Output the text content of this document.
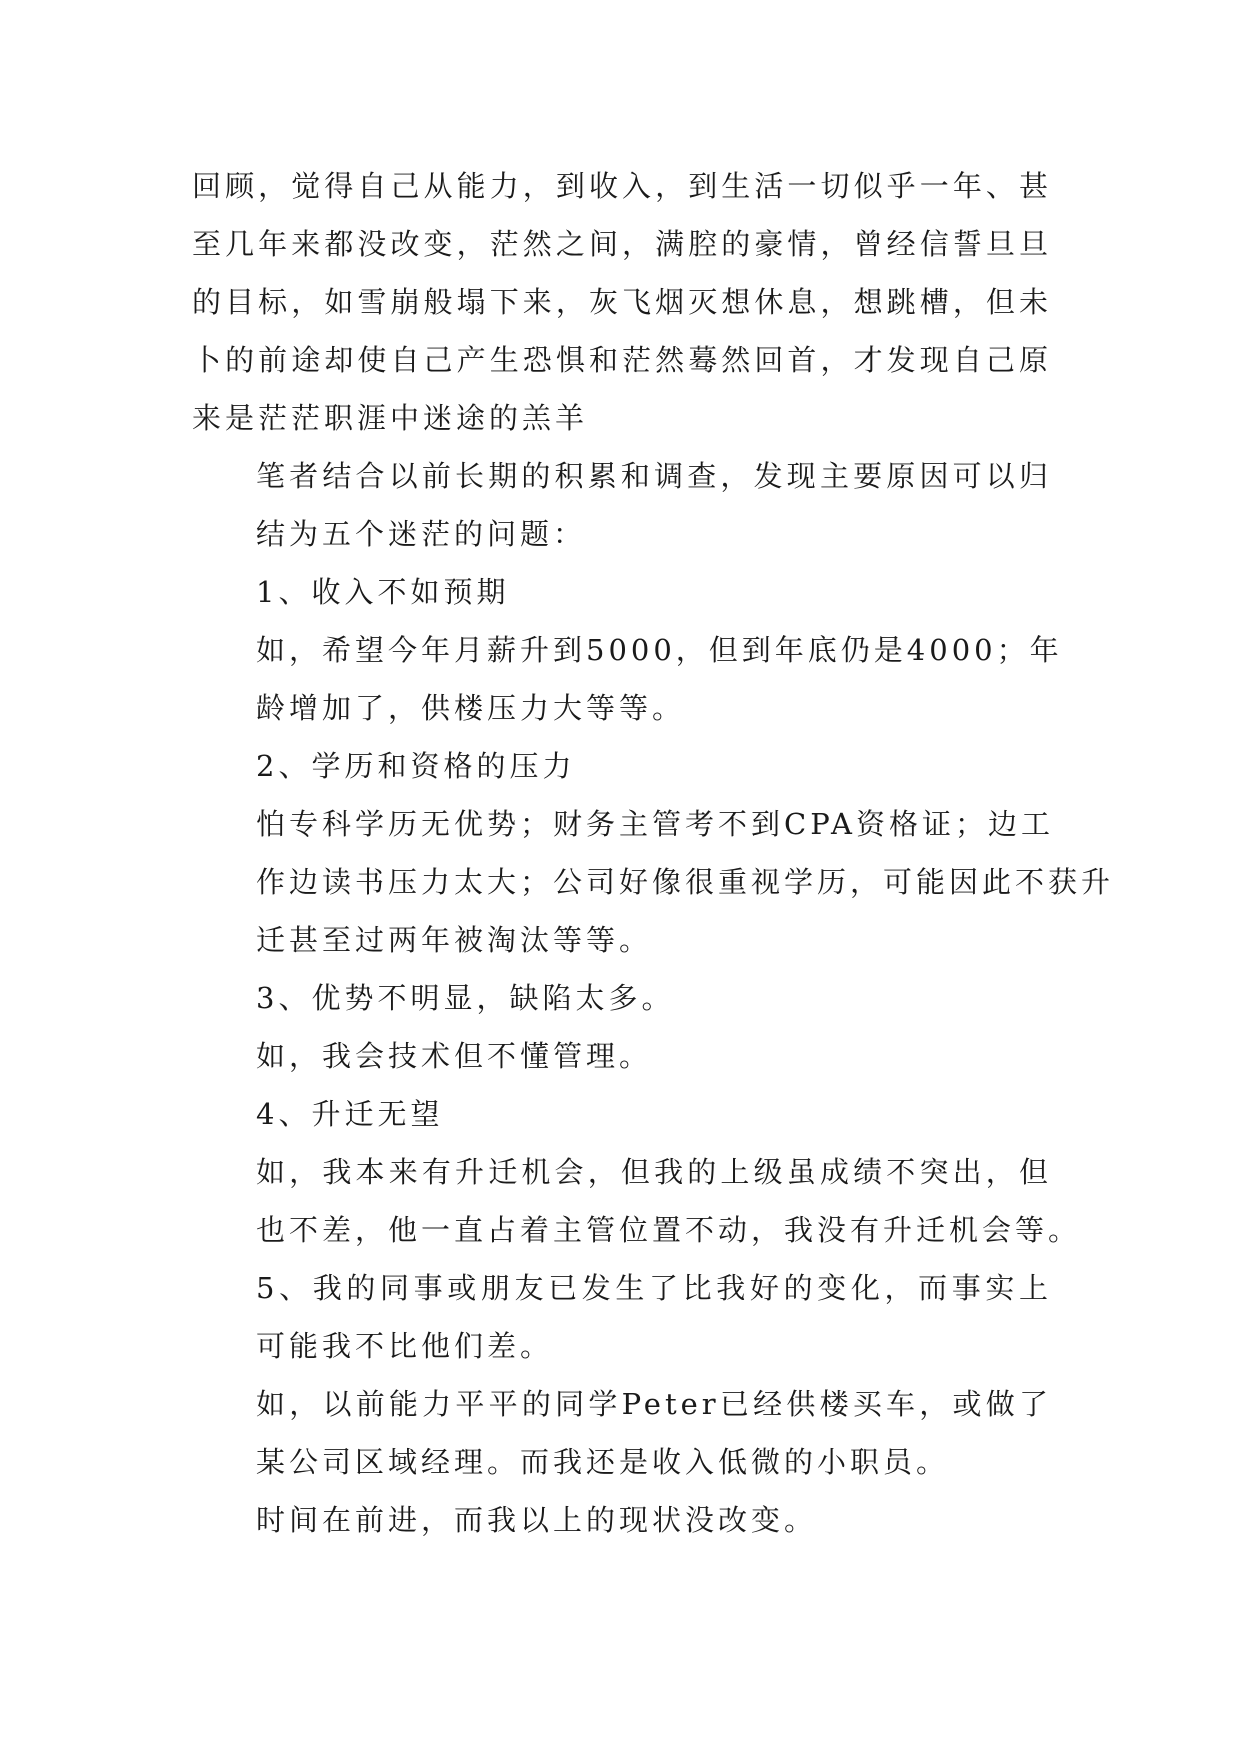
回顾，觉得自己从能力，到收入，到生活一切似乎一年、甚
至几年来都没改变，茫然之间，满腔的豪情，曾经信誓旦旦
的目标，如雪崩般塌下来，灰飞烟灭想休息，想跳槽，但未
卜的前途却使自己产生恐惧和茫然蓦然回首，才发现自己原
来是茫茫职涯中迷途的羔羊
笔者结合以前长期的积累和调查，发现主要原因可以归
结为五个迷茫的问题：
1、收入不如预期
如，希望今年月薪升到5000，但到年底仍是4000；年
龄增加了，供楼压力大等等。
2、学历和资格的压力
怕专科学历无优势；财务主管考不到CPA资格证；边工
作边读书压力太大；公司好像很重视学历，可能因此不获升
迁甚至过两年被淘汰等等。
3、优势不明显，缺陷太多。
如，我会技术但不懂管理。
4、升迁无望
如，我本来有升迁机会，但我的上级虽成绩不突出，但
也不差，他一直占着主管位置不动，我没有升迁机会等。
5、我的同事或朋友已发生了比我好的变化，而事实上
可能我不比他们差。
如，以前能力平平的同学Peter已经供楼买车，或做了
某公司区域经理。而我还是收入低微的小职员。
时间在前进，而我以上的现状没改变。
